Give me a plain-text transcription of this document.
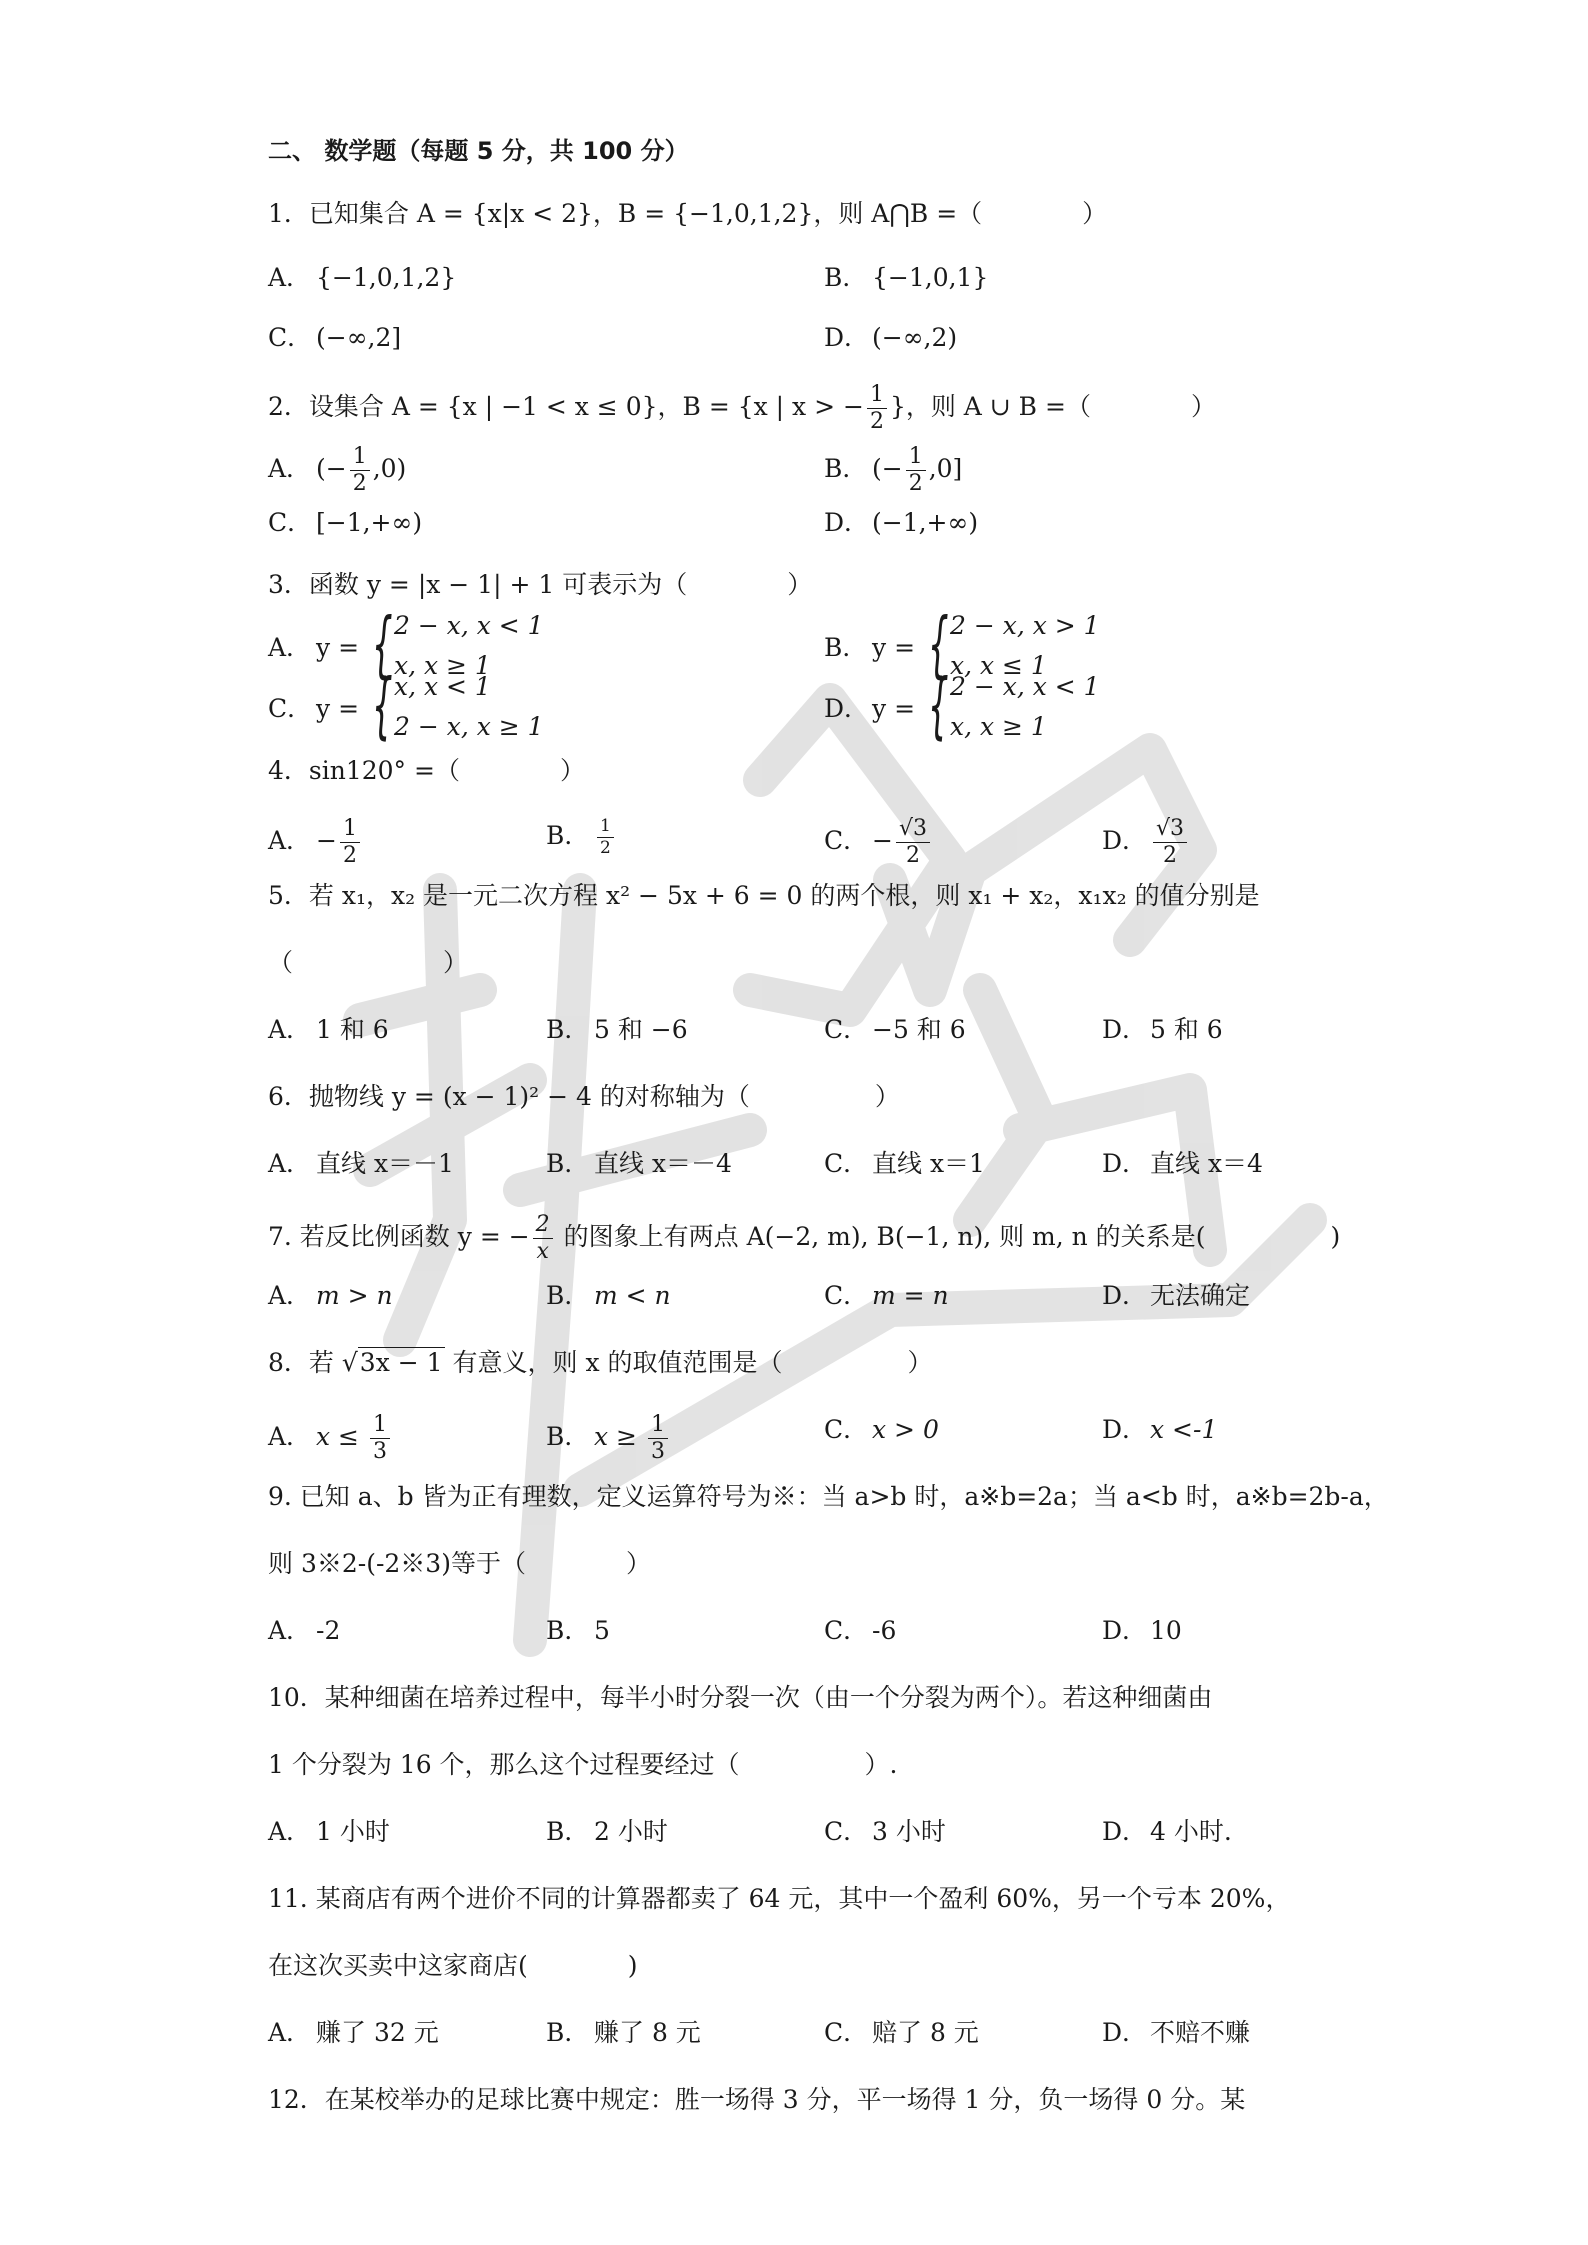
二、 数学题（每题 5 分，共 100 分）
1．已知集合 A = {x|x < 2}，B = {−1,0,1,2}，则 A⋂B =（　　　　）
A． {−1,0,1,2}	B． {−1,0,1}
C． (−∞,2]	D． (−∞,2)
2．设集合 A = {x | −1 < x ≤ 0}，B = {x | x > − $\frac{1}{2}$ }，则 A ∪ B =（　　　　）
A． (− $\frac{1}{2} ,0$)	B． (− $\frac{1}{2} ,0$]
C． [−1,+∞)	D． (−1,+∞)
3．函数 y = |x − 1| + 1 可表示为（　　　　）
A． y = { 2 − x, x < 1
x, x ≥ 1
B． y = { 2 − x, x > 1
x, x ≤ 1
C． y = { x, x < 1
2 − x, x ≥ 1
D． y = { 2 − x, x < 1
x, x ≥ 1
4．sin120° =（　　　　）
A． − $\frac{1}{2}$	B． $\frac{1}{2}$	C． − $\frac{√3}{2}$	D． $\frac{√3}{2}$
5．若 x₁，x₂ 是一元二次方程 x² − 5x + 6 = 0 的两个根，则 x₁ + x₂，x₁x₂ 的值分别是
（　　　　　　）
A． 1 和 6	B． 5 和 −6	C． −5 和 6	D． 5 和 6
6．抛物线 y = (x − 1)² − 4 的对称轴为（　　　　　）
A． 直线 x＝－1	B． 直线 x＝－4	C． 直线 x＝1	D． 直线 x＝4
7. 若反比例函数 y = − $\frac{2}{x}$ 的图象上有两点 A(−2, m), B(−1, n), 则 m, n 的关系是(　　　　　)
A． m > n	B． m < n	C． m = n	D． 无法确定
8．若 √3x − 1 有意义，则 x 的取值范围是（　　　　　）
A． $x \le \frac{1}{3}$	B． $x \ge \frac{1}{3}$	C． x > 0	D． x <-1
9. 已知 a、b 皆为正有理数，定义运算符号为※：当 a>b 时，a※b=2a；当 a<b 时，a※b=2b-a，
则 3※2-(-2※3)等于（　　　　）
A． -2	B． 5	C． -6	D． 10
10．某种细菌在培养过程中，每半小时分裂一次（由一个分裂为两个）。若这种细菌由
1 个分裂为 16 个，那么这个过程要经过（　　　　　）.
A． 1 小时	B． 2 小时	C． 3 小时	D． 4 小时.
11. 某商店有两个进价不同的计算器都卖了 64 元，其中一个盈利 60%，另一个亏本 20%，
在这次买卖中这家商店(　　　　)
A． 赚了 32 元	B． 赚了 8 元	C． 赔了 8 元	D． 不赔不赚
12．在某校举办的足球比赛中规定：胜一场得 3 分，平一场得 1 分，负一场得 0 分。某
